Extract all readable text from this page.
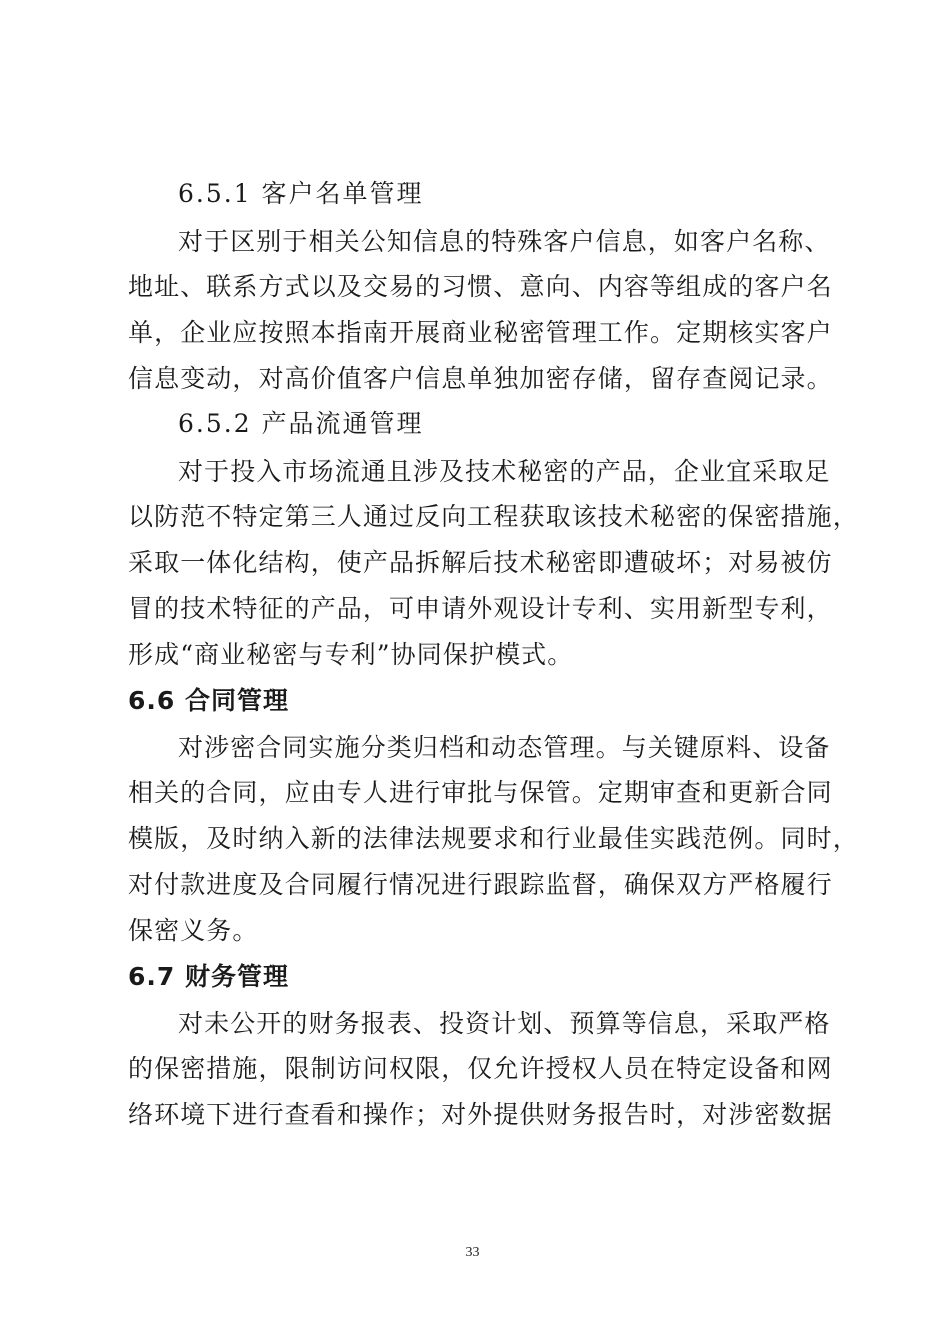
6.5.1 客户名单管理
对于区别于相关公知信息的特殊客户信息，如客户名称、
地址、联系方式以及交易的习惯、意向、内容等组成的客户名
单，企业应按照本指南开展商业秘密管理工作。定期核实客户
信息变动，对高价值客户信息单独加密存储，留存查阅记录。
6.5.2 产品流通管理
对于投入市场流通且涉及技术秘密的产品，企业宜采取足
以防范不特定第三人通过反向工程获取该技术秘密的保密措施，
采取一体化结构，使产品拆解后技术秘密即遭破坏；对易被仿
冒的技术特征的产品，可申请外观设计专利、实用新型专利，
形成“商业秘密与专利”协同保护模式。
6.6 合同管理
对涉密合同实施分类归档和动态管理。与关键原料、设备
相关的合同，应由专人进行审批与保管。定期审查和更新合同
模版，及时纳入新的法律法规要求和行业最佳实践范例。同时，
对付款进度及合同履行情况进行跟踪监督，确保双方严格履行
保密义务。
6.7 财务管理
对未公开的财务报表、投资计划、预算等信息，采取严格
的保密措施，限制访问权限，仅允许授权人员在特定设备和网
络环境下进行查看和操作；对外提供财务报告时，对涉密数据
33
